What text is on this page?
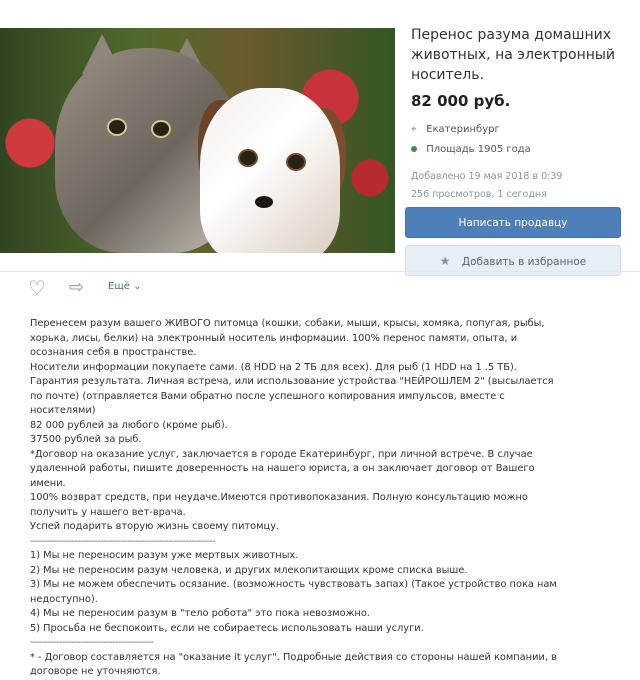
Перенос разума домашних животных, на электронный носитель.
82 000 руб.
⌖ Екатеринбург
Площадь 1905 года
Добавлено 19 мая 2018 в 0:39
256 просмотров, 1 сегодня
Написать продавцу
★ Добавить в избранное
♡ ⇨ Ещё ⌄

Перенесем разум вашего ЖИВОГО питомца (кошки, собаки, мыши, крысы, хомяка, попугая, рыбы, хорька, лисы, белки) на электронный носитель информации. 100% перенос памяти, опыта, и осознания себя в пространстве.

Носители информации покупаете сами. (8 HDD на 2 ТБ для всех). Для рыб (1 HDD на 1 .5 ТБ).

Гарантия результата. Личная встреча, или использование устройства "НЕЙРОШЛЕМ 2" (высылается по почте) (отправляется Вами обратно после успешного копирования импульсов, вместе с носителями)

82 000 рублей за любого (кроме рыб).

37500 рублей за рыб.

*Договор на оказание услуг, заключается в городе Екатеринбург, при личной встрече. В случае удаленной работы, пишите доверенность на нашего юриста, а он заключает договор от Вашего имени.

100% возврат средств, при неудаче.Имеются противопоказания. Полную консультацию можно получить у нашего вет-врача.

Успей подарить вторую жизнь своему питомцу.

---------------------------------------------------------------

1) Мы не переносим разум уже мертвых животных.

2) Мы не переносим разум человека, и других млекопитающих кроме списка выше.

3) Мы не можем обеспечить осязание. (возможность чувствовать запах) (Такое устройство пока нам недоступно).

4) Мы не переносим разум в "тело робота" это пока невозможно.

5) Просьба не беспокоить, если не собираетесь использовать наши услуги.

------------------------------------------

* - Договор составляется на "оказание it услуг". Подробные действия со стороны нашей компании, в договоре не уточняются.
